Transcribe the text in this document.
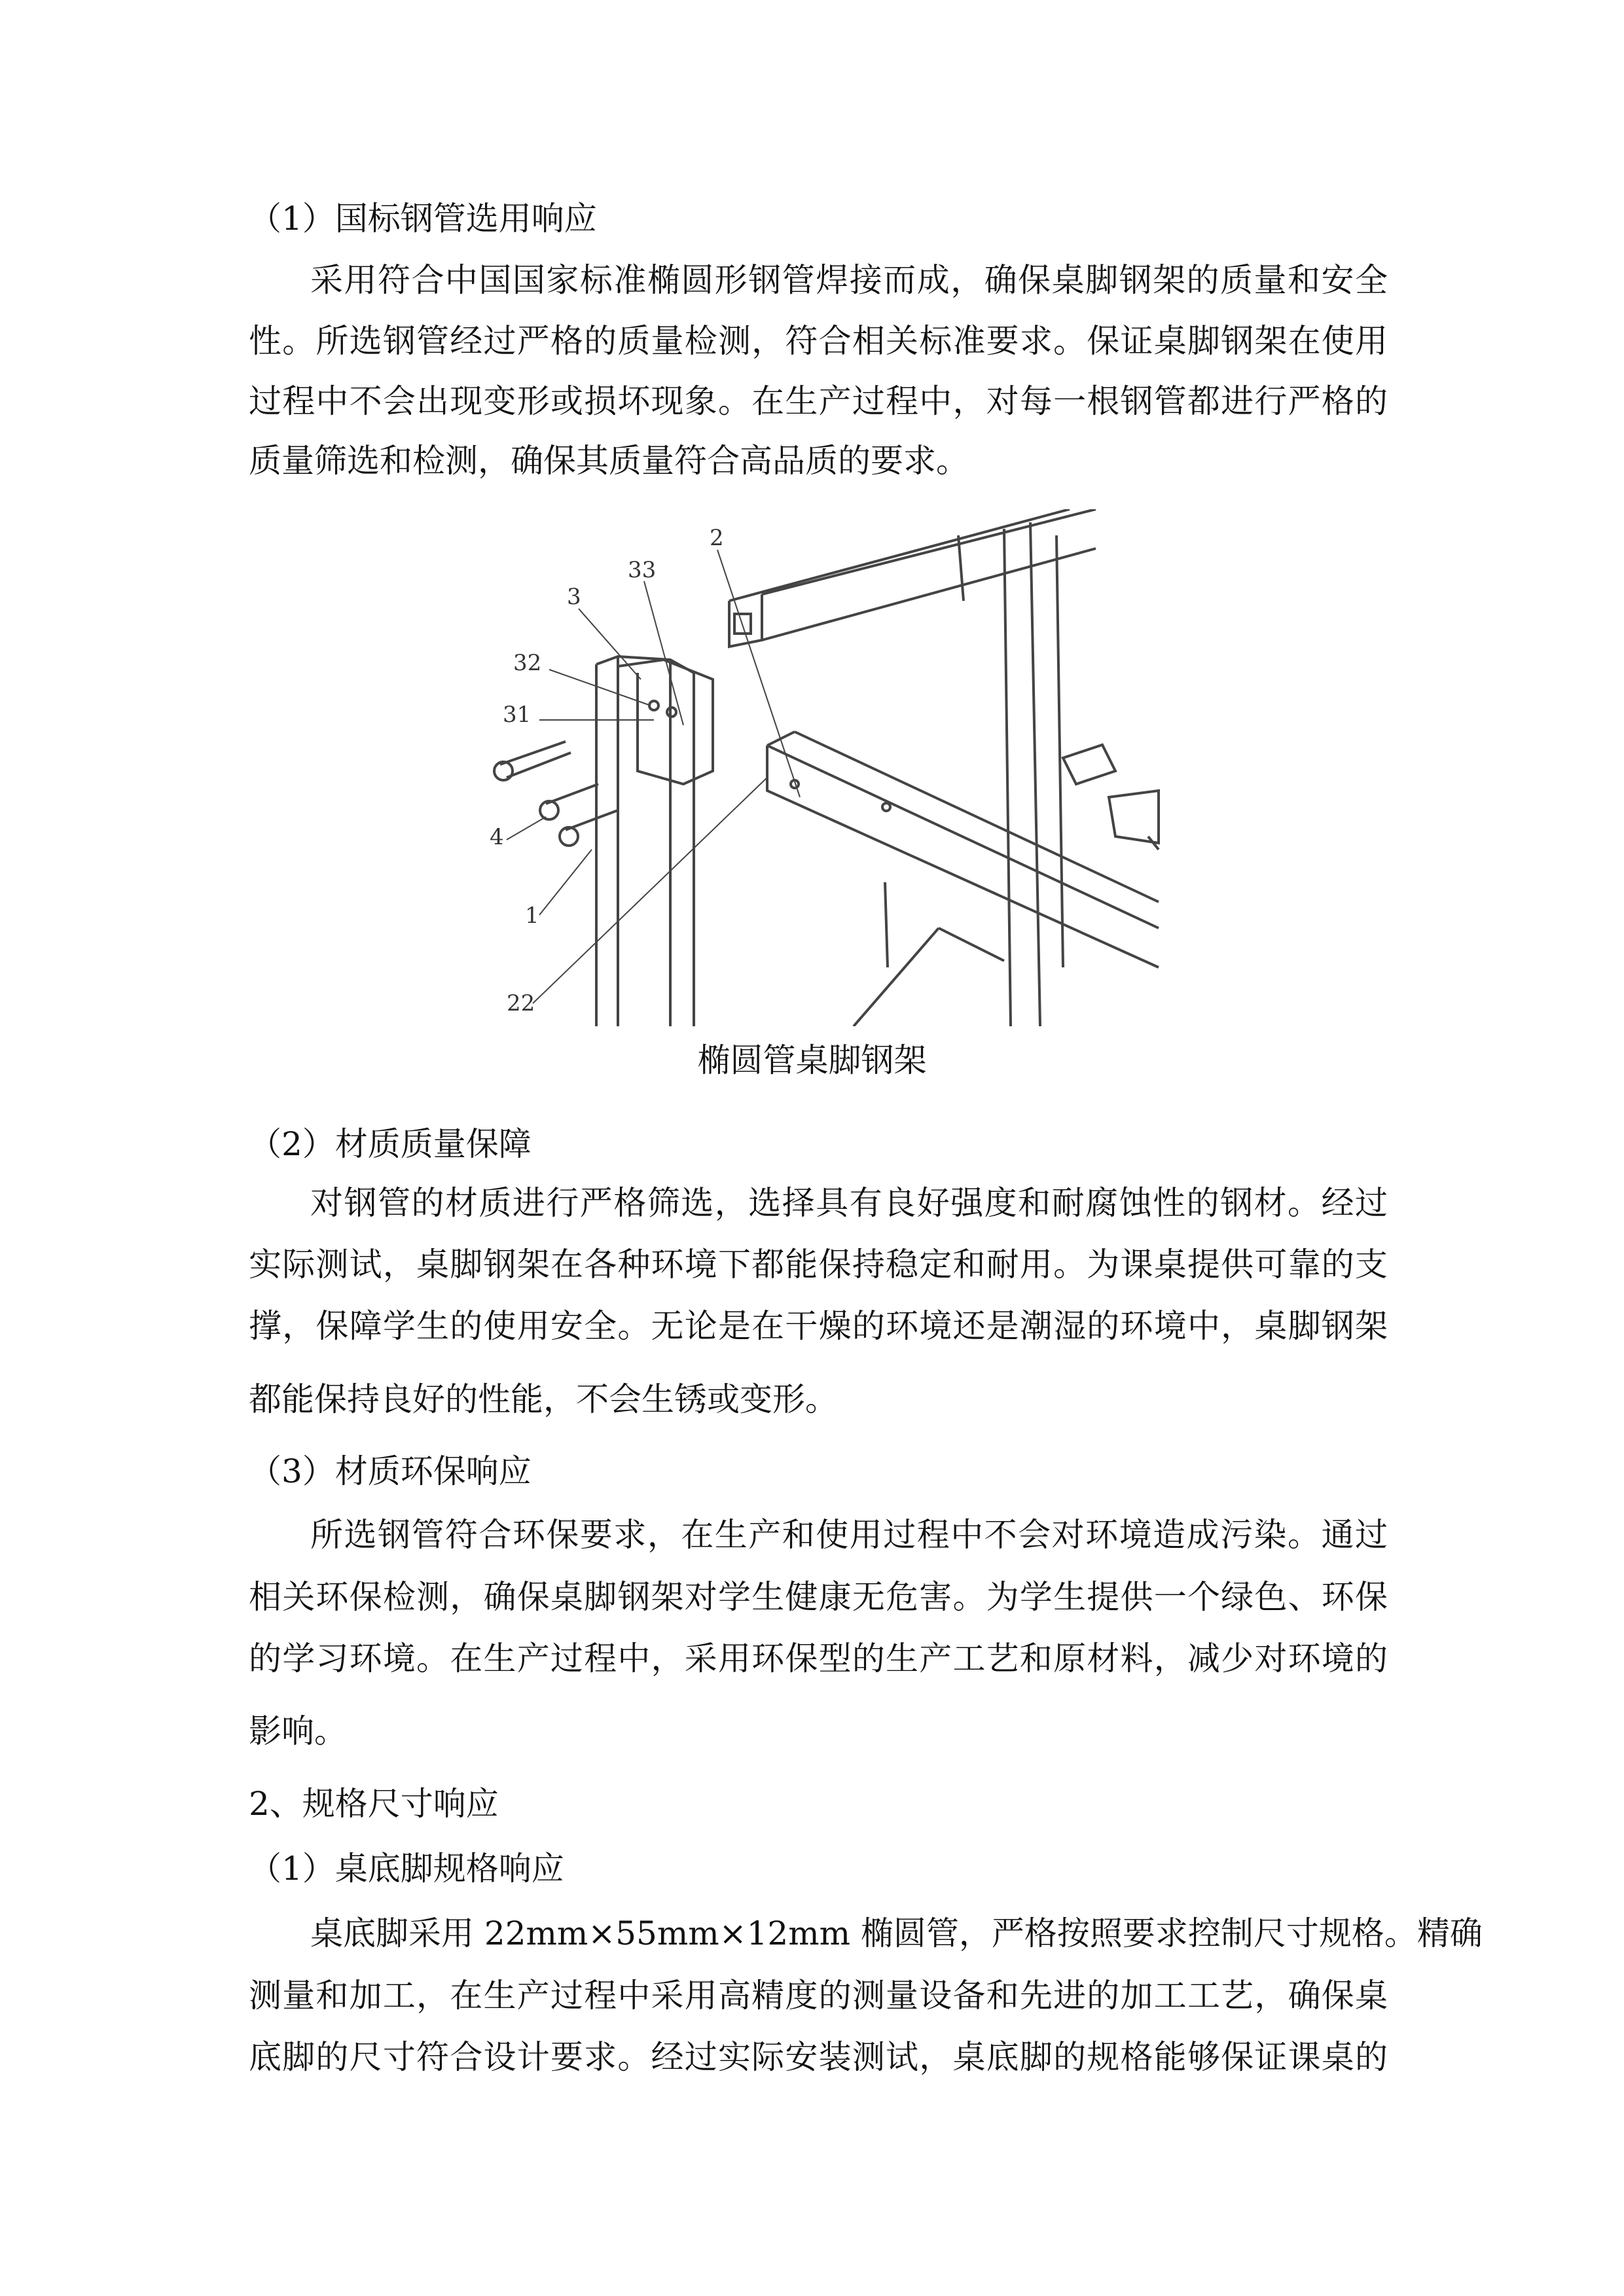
（1）国标钢管选用响应
采用符合中国国家标准椭圆形钢管焊接而成，确保桌脚钢架的质量和安全
性。所选钢管经过严格的质量检测，符合相关标准要求。保证桌脚钢架在使用
过程中不会出现变形或损坏现象。在生产过程中，对每一根钢管都进行严格的
质量筛选和检测，确保其质量符合高品质的要求。
2
33
3
32
31
4
1
22
椭圆管桌脚钢架
（2）材质质量保障
对钢管的材质进行严格筛选，选择具有良好强度和耐腐蚀性的钢材。经过
实际测试，桌脚钢架在各种环境下都能保持稳定和耐用。为课桌提供可靠的支
撑，保障学生的使用安全。无论是在干燥的环境还是潮湿的环境中，桌脚钢架
都能保持良好的性能，不会生锈或变形。
（3）材质环保响应
所选钢管符合环保要求，在生产和使用过程中不会对环境造成污染。通过
相关环保检测，确保桌脚钢架对学生健康无危害。为学生提供一个绿色、环保
的学习环境。在生产过程中，采用环保型的生产工艺和原材料，减少对环境的
影响。
2、规格尺寸响应
（1）桌底脚规格响应
桌底脚采用 22mm×55mm×12mm 椭圆管，严格按照要求控制尺寸规格。精确
测量和加工，在生产过程中采用高精度的测量设备和先进的加工工艺，确保桌
底脚的尺寸符合设计要求。经过实际安装测试，桌底脚的规格能够保证课桌的
